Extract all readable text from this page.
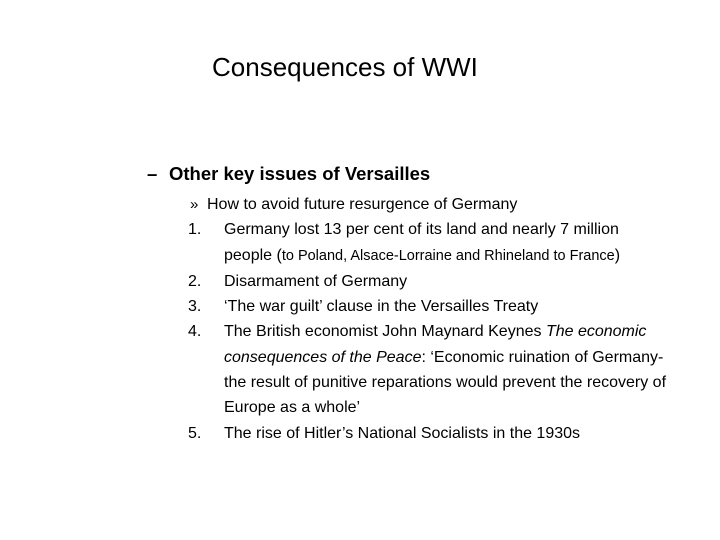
Consequences of WWI
– Other key issues of Versailles
» How to avoid future resurgence of Germany
1. Germany lost 13 per cent of its land and nearly 7 million
people (to Poland, Alsace-Lorraine and Rhineland to France)
2. Disarmament of Germany
3. ‘The war guilt’ clause in the Versailles Treaty
4. The British economist John Maynard Keynes The economic consequences of the Peace: ‘Economic ruination of Germany- the result of punitive reparations would prevent the recovery of Europe as a whole’
5. The rise of Hitler’s National Socialists in the 1930s
